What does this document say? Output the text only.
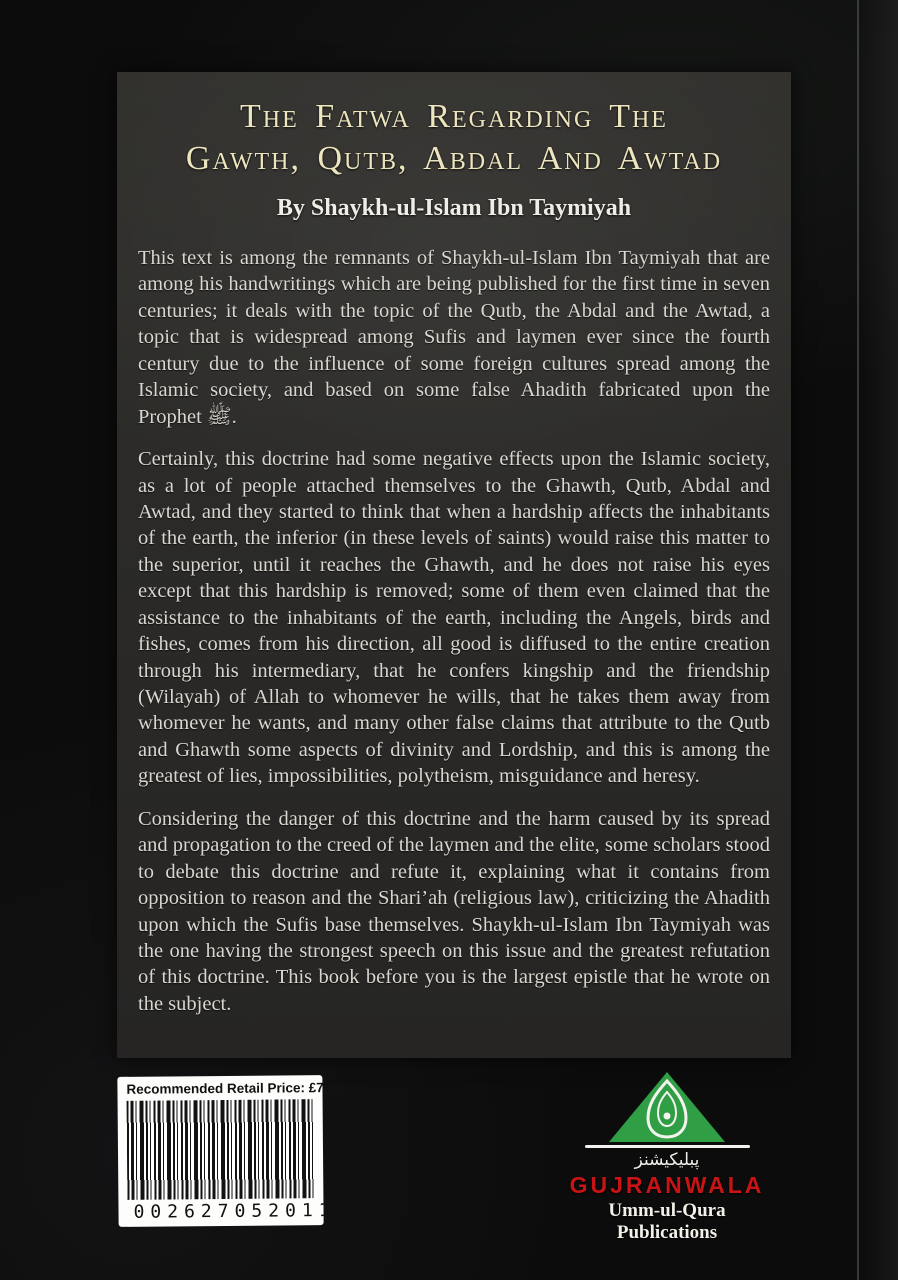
The Fatwa Regarding The
Gawth, Qutb, Abdal And Awtad
By Shaykh-ul-Islam Ibn Taymiyah

This text is among the remnants of Shaykh-ul-Islam Ibn Taymiyah that are among his handwritings which are being published for the first time in seven centuries; it deals with the topic of the Qutb, the Abdal and the Awtad, a topic that is widespread among Sufis and laymen ever since the fourth century due to the influence of some foreign cultures spread among the Islamic society, and based on some false Ahadith fabricated upon the Prophet ﷺ.

Certainly, this doctrine had some negative effects upon the Islamic society, as a lot of people attached themselves to the Ghawth, Qutb, Abdal and Awtad, and they started to think that when a hardship affects the inhabitants of the earth, the inferior (in these levels of saints) would raise this matter to the superior, until it reaches the Ghawth, and he does not raise his eyes except that this hardship is removed; some of them even claimed that the assistance to the inhabitants of the earth, including the Angels, birds and fishes, comes from his direction, all good is diffused to the entire creation through his intermediary, that he confers kingship and the friendship (Wilayah) of Allah to whomever he wills, that he takes them away from whomever he wants, and many other false claims that attribute to the Qutb and Ghawth some aspects of divinity and Lordship, and this is among the greatest of lies, impossibilities, polytheism, misguidance and heresy.

Considering the danger of this doctrine and the harm caused by its spread and propagation to the creed of the laymen and the elite, some scholars stood to debate this doctrine and refute it, explaining what it contains from opposition to reason and the Shari’ah (religious law), criticizing the Ahadith upon which the Sufis base themselves. Shaykh-ul-Islam Ibn Taymiyah was the one having the strongest speech on this issue and the greatest refutation of this doctrine. This book before you is the largest epistle that he wrote on the subject.

Recommended Retail Price: £7.50
002627052011
پبلیکیشنز
GUJRANWALA
Umm-ul-Qura Publications
